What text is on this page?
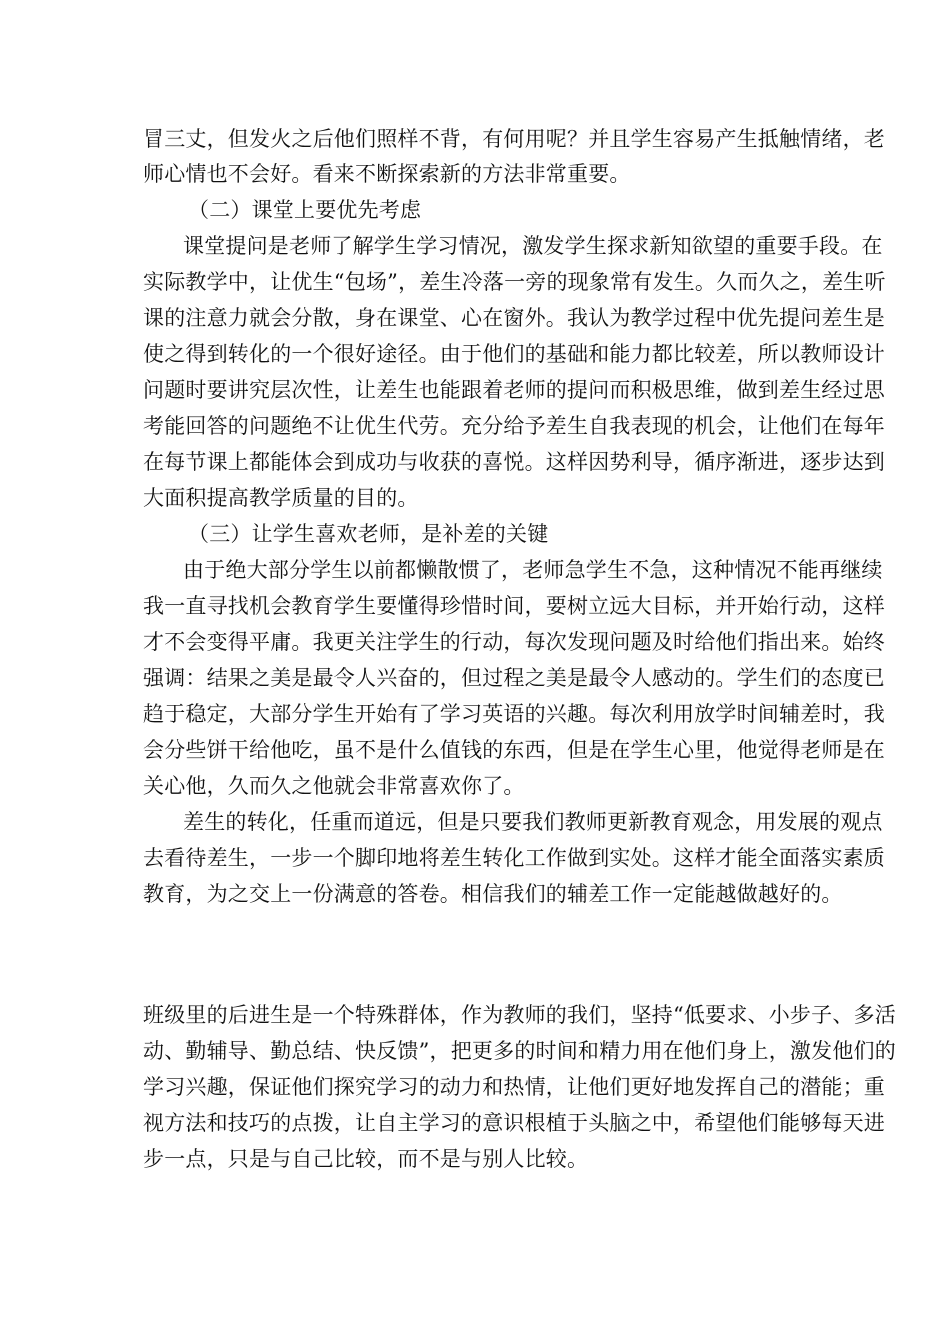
冒三丈，但发火之后他们照样不背，有何用呢？并且学生容易产生抵触情绪，老
师心情也不会好。看来不断探索新的方法非常重要。
（二）课堂上要优先考虑
课堂提问是老师了解学生学习情况，激发学生探求新知欲望的重要手段。在
实际教学中，让优生“包场”，差生冷落一旁的现象常有发生。久而久之，差生听
课的注意力就会分散，身在课堂、心在窗外。我认为教学过程中优先提问差生是
使之得到转化的一个很好途径。由于他们的基础和能力都比较差，所以教师设计
问题时要讲究层次性，让差生也能跟着老师的提问而积极思维，做到差生经过思
考能回答的问题绝不让优生代劳。充分给予差生自我表现的机会，让他们在每年
在每节课上都能体会到成功与收获的喜悦。这样因势利导，循序渐进，逐步达到
大面积提高教学质量的目的。
（三）让学生喜欢老师，是补差的关键
由于绝大部分学生以前都懒散惯了，老师急学生不急，这种情况不能再继续
我一直寻找机会教育学生要懂得珍惜时间，要树立远大目标，并开始行动，这样
才不会变得平庸。我更关注学生的行动，每次发现问题及时给他们指出来。始终
强调：结果之美是最令人兴奋的，但过程之美是最令人感动的。学生们的态度已
趋于稳定，大部分学生开始有了学习英语的兴趣。每次利用放学时间辅差时，我
会分些饼干给他吃，虽不是什么值钱的东西，但是在学生心里，他觉得老师是在
关心他，久而久之他就会非常喜欢你了。
差生的转化，任重而道远，但是只要我们教师更新教育观念，用发展的观点
去看待差生，一步一个脚印地将差生转化工作做到实处。这样才能全面落实素质
教育，为之交上一份满意的答卷。相信我们的辅差工作一定能越做越好的。
班级里的后进生是一个特殊群体，作为教师的我们，坚持“低要求、小步子、多活
动、勤辅导、勤总结、快反馈”，把更多的时间和精力用在他们身上，激发他们的
学习兴趣，保证他们探究学习的动力和热情，让他们更好地发挥自己的潜能；重
视方法和技巧的点拨，让自主学习的意识根植于头脑之中，希望他们能够每天进
步一点，只是与自己比较，而不是与别人比较。
